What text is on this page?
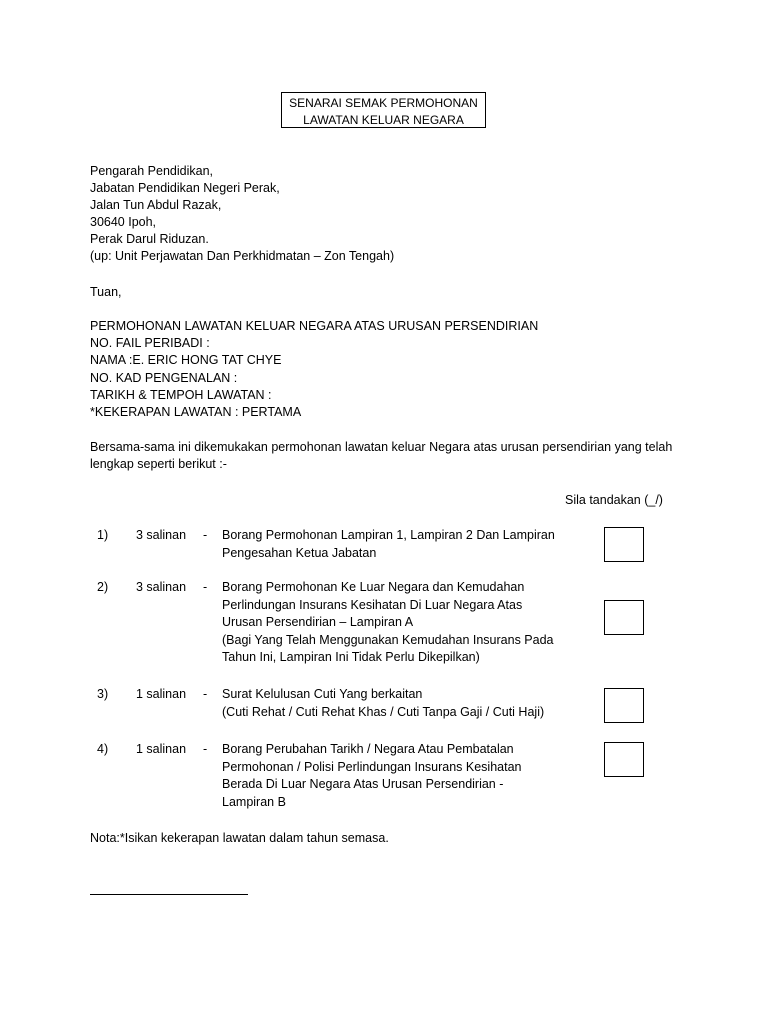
SENARAI SEMAK PERMOHONAN
LAWATAN KELUAR NEGARA
Pengarah Pendidikan,
Jabatan Pendidikan Negeri Perak,
Jalan Tun Abdul Razak,
30640 Ipoh,
Perak Darul Riduzan.
(up: Unit Perjawatan Dan Perkhidmatan – Zon Tengah)
Tuan,
PERMOHONAN LAWATAN KELUAR NEGARA ATAS URUSAN PERSENDIRIAN
NO. FAIL PERIBADI :
NAMA :E. ERIC HONG TAT CHYE
NO. KAD PENGENALAN :
TARIKH & TEMPOH LAWATAN :
*KEKERAPAN LAWATAN : PERTAMA
Bersama-sama ini dikemukakan permohonan lawatan keluar Negara atas urusan persendirian yang telah lengkap seperti berikut :-
Sila tandakan (_/)
1) 3 salinan - Borang Permohonan Lampiran 1, Lampiran 2 Dan Lampiran
Pengesahan Ketua Jabatan
2) 3 salinan - Borang Permohonan Ke Luar Negara dan Kemudahan
Perlindungan Insurans Kesihatan Di Luar Negara Atas
Urusan Persendirian – Lampiran A
(Bagi Yang Telah Menggunakan Kemudahan Insurans Pada
Tahun Ini, Lampiran Ini Tidak Perlu Dikepilkan)
3) 1 salinan - Surat Kelulusan Cuti Yang berkaitan
(Cuti Rehat / Cuti Rehat Khas / Cuti Tanpa Gaji / Cuti Haji)
4) 1 salinan - Borang Perubahan Tarikh / Negara Atau Pembatalan
Permohonan / Polisi Perlindungan Insurans Kesihatan
Berada Di Luar Negara Atas Urusan Persendirian -
Lampiran B
Nota:*Isikan kekerapan lawatan dalam tahun semasa.
